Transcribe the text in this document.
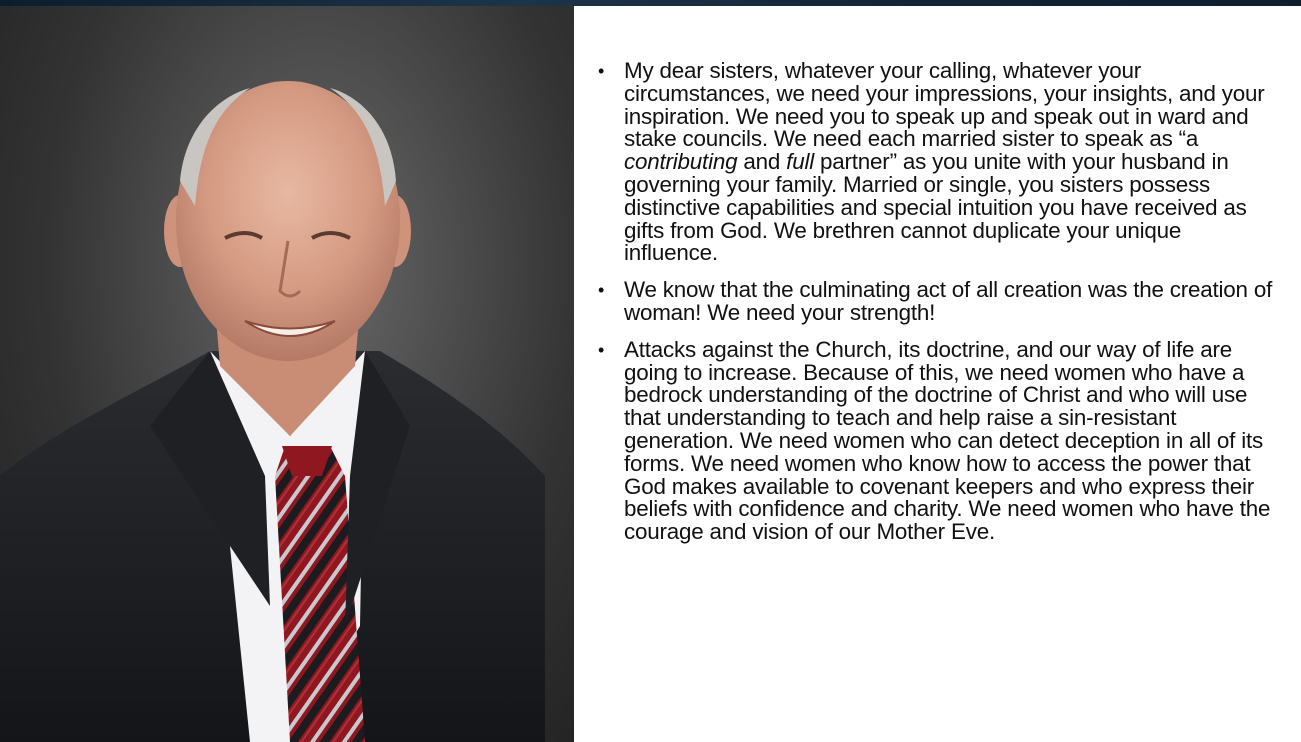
• My dear sisters, whatever your calling, whatever your circumstances, we need your impressions, your insights, and your inspiration. We need you to speak up and speak out in ward and stake councils. We need each married sister to speak as “a contributing and full partner” as you unite with your husband in governing your family. Married or single, you sisters possess distinctive capabilities and special intuition you have received as gifts from God. We brethren cannot duplicate your unique influence.

• We know that the culminating act of all creation was the creation of woman! We need your strength!

• Attacks against the Church, its doctrine, and our way of life are going to increase. Because of this, we need women who have a bedrock understanding of the doctrine of Christ and who will use that understanding to teach and help raise a sin-resistant generation. We need women who can detect deception in all of its forms. We need women who know how to access the power that God makes available to covenant keepers and who express their beliefs with confidence and charity. We need women who have the courage and vision of our Mother Eve.
